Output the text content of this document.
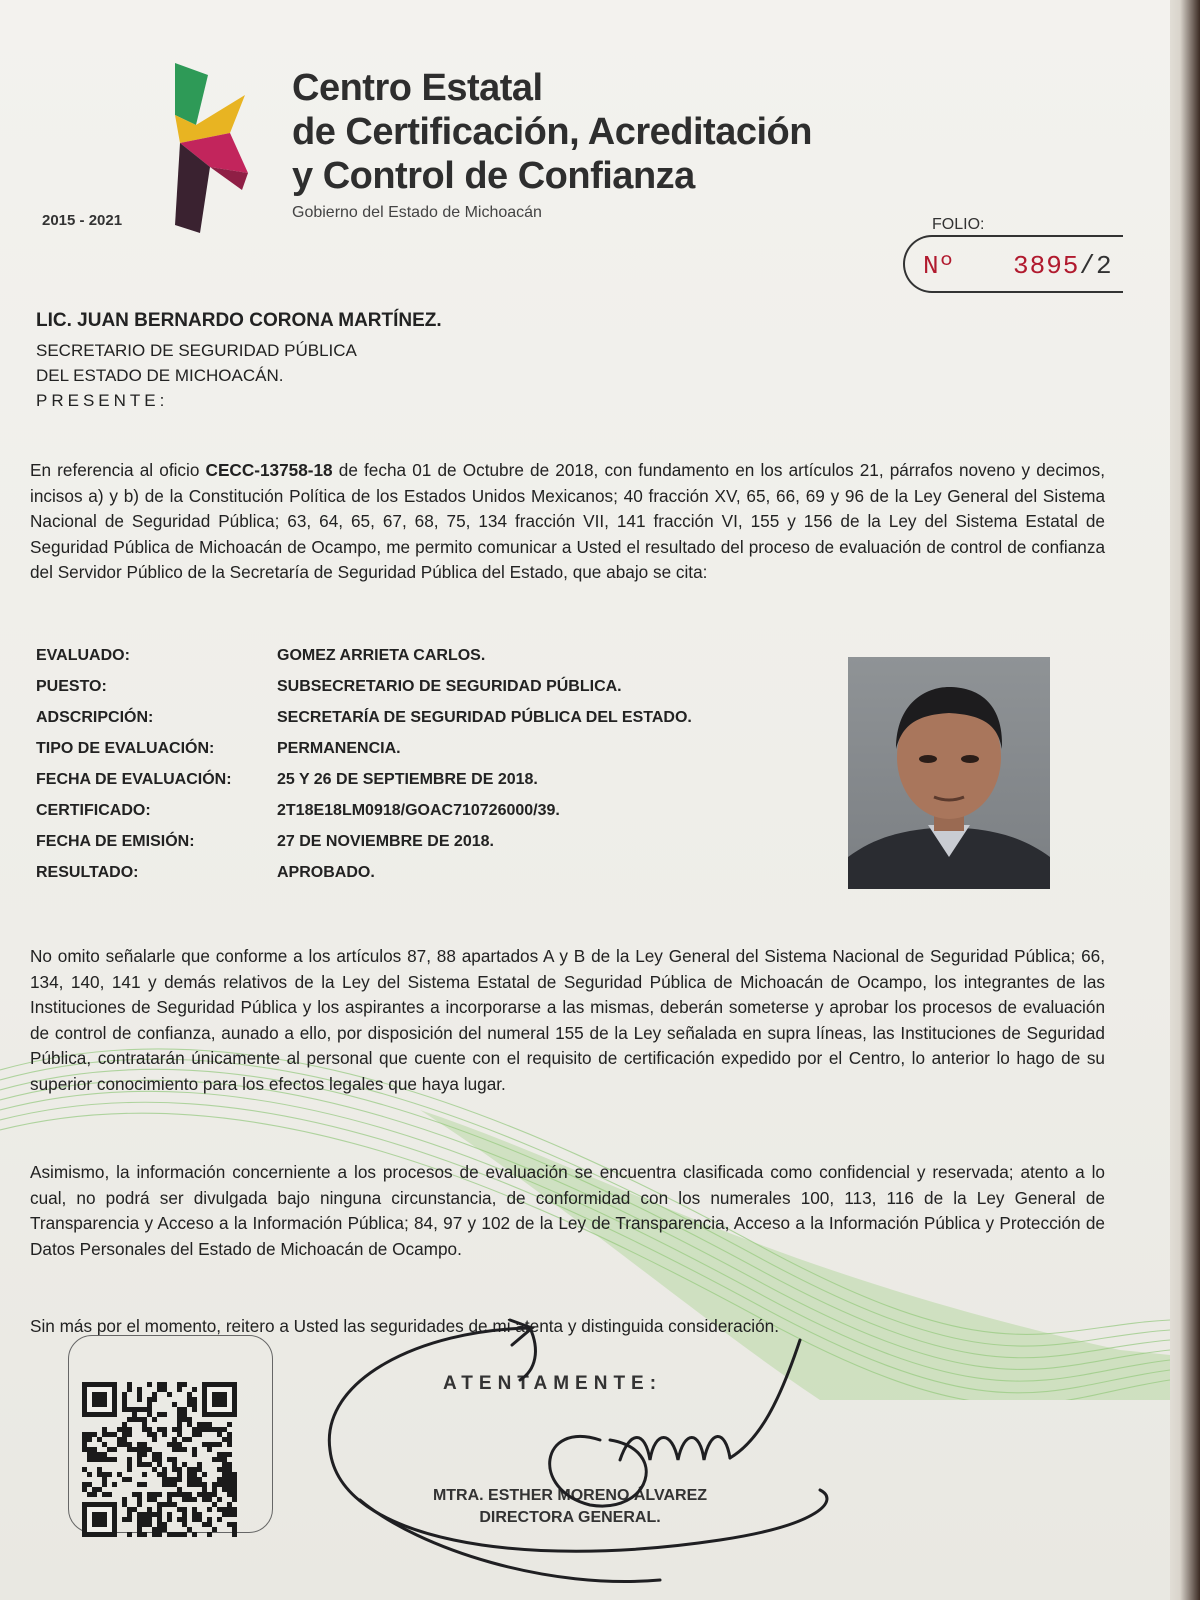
2015 - 2021
Centro Estatal
de Certificación, Acreditación
y Control de Confianza
Gobierno del Estado de Michoacán
FOLIO:
Nº 3895/2
LIC. JUAN BERNARDO CORONA MARTÍNEZ.
SECRETARIO DE SEGURIDAD PÚBLICA
DEL ESTADO DE MICHOACÁN.
PRESENTE:
En referencia al oficio CECC-13758-18 de fecha 01 de Octubre de 2018, con fundamento en los artículos 21, párrafos noveno y decimos, incisos a) y b) de la Constitución Política de los Estados Unidos Mexicanos; 40 fracción XV, 65, 66, 69 y 96 de la Ley General del Sistema Nacional de Seguridad Pública; 63, 64, 65, 67, 68, 75, 134 fracción VII, 141 fracción VI, 155 y 156 de la Ley del Sistema Estatal de Seguridad Pública de Michoacán de Ocampo, me permito comunicar a Usted el resultado del proceso de evaluación de control de confianza del Servidor Público de la Secretaría de Seguridad Pública del Estado, que abajo se cita:
EVALUADO:	GOMEZ ARRIETA CARLOS.
PUESTO:	SUBSECRETARIO DE SEGURIDAD PÚBLICA.
ADSCRIPCIÓN:	SECRETARÍA DE SEGURIDAD PÚBLICA DEL ESTADO.
TIPO DE EVALUACIÓN:	PERMANENCIA.
FECHA DE EVALUACIÓN:	25 Y 26 DE SEPTIEMBRE DE 2018.
CERTIFICADO:	2T18E18LM0918/GOAC710726000/39.
FECHA DE EMISIÓN:	27 DE NOVIEMBRE DE 2018.
RESULTADO:	APROBADO.
No omito señalarle que conforme a los artículos 87, 88 apartados A y B de la Ley General del Sistema Nacional de Seguridad Pública; 66, 134, 140, 141 y demás relativos de la Ley del Sistema Estatal de Seguridad Pública de Michoacán de Ocampo, los integrantes de las Instituciones de Seguridad Pública y los aspirantes a incorporarse a las mismas, deberán someterse y aprobar los procesos de evaluación de control de confianza, aunado a ello, por disposición del numeral 155 de la Ley señalada en supra líneas, las Instituciones de Seguridad Pública, contratarán únicamente al personal que cuente con el requisito de certificación expedido por el Centro, lo anterior lo hago de su superior conocimiento para los efectos legales que haya lugar.
Asimismo, la información concerniente a los procesos de evaluación se encuentra clasificada como confidencial y reservada; atento a lo cual, no podrá ser divulgada bajo ninguna circunstancia, de conformidad con los numerales 100, 113, 116 de la Ley General de Transparencia y Acceso a la Información Pública; 84, 97 y 102 de la Ley de Transparencia, Acceso a la Información Pública y Protección de Datos Personales del Estado de Michoacán de Ocampo.
Sin más por el momento, reitero a Usted las seguridades de mi atenta y distinguida consideración.
ATENTAMENTE:
MTRA. ESTHER MORENO ÁLVAREZ
DIRECTORA GENERAL.
